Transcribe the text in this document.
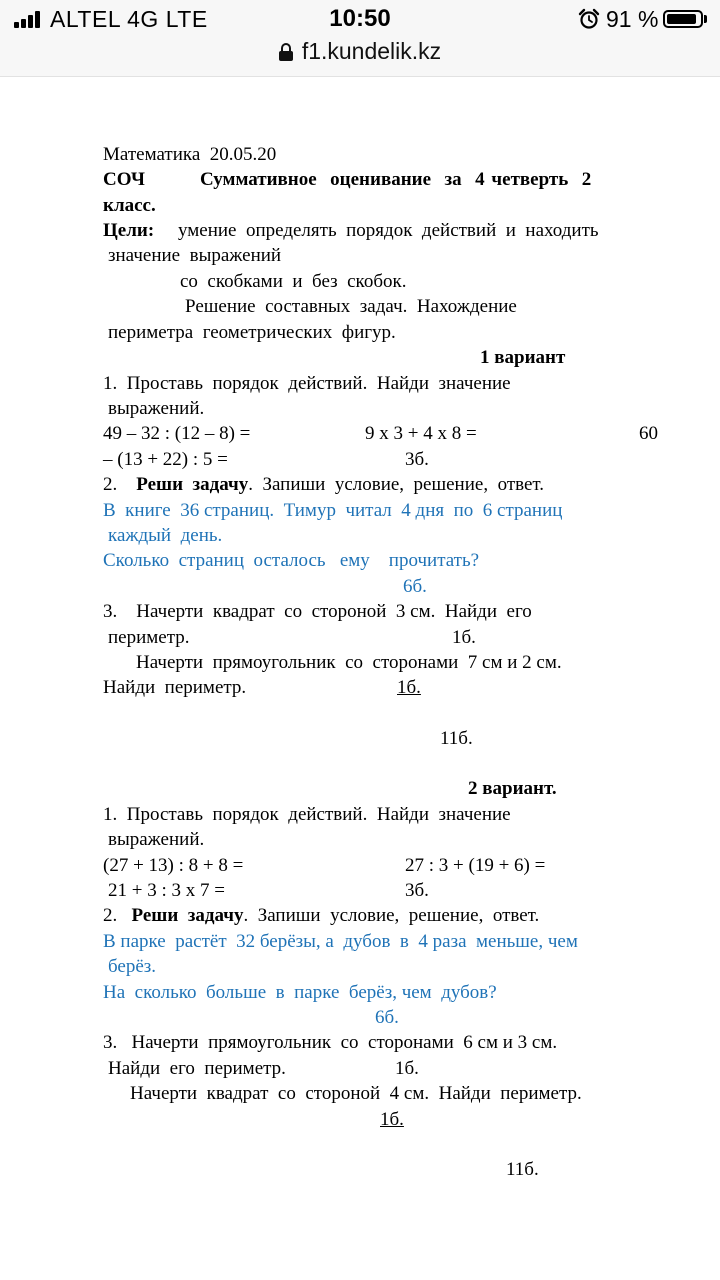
ALTEL 4G LTE	10:50	91 %
f1.kundelik.kz
Математика  20.05.20
СОЧ	Суммативное  оценивание  за  4 четверть  2
класс.
Цели: умение  определять  порядок  действий  и  находить
значение  выражений
со  скобками  и  без  скобок.
Решение  составных  задач.  Нахождение
периметра  геометрических  фигур.
1 вариант
1.  Проставь  порядок  действий.  Найди  значение
выражений.
49 – 32 : (12 – 8) =	9 x 3 + 4 x 8 =	60
– (13 + 22) : 5 =	3б.
2. Реши  задачу.  Запиши  условие,  решение,  ответ.
В  книге  36 страниц.  Тимур  читал  4 дня  по  6 страниц
каждый  день.
Сколько  страниц  осталось   ему    прочитать?
6б.
3.    Начерти  квадрат  со  стороной  3 см.  Найди  его
периметр.	1б.
Начерти  прямоугольник  со  сторонами  7 см и 2 см.
Найди  периметр.	1б.
11б.
2 вариант.
1.  Проставь  порядок  действий.  Найди  значение
выражений.
(27 + 13) : 8 + 8 =	27 : 3 + (19 + 6) =
21 + 3 : 3 x 7 =	3б.
2. Реши  задачу.  Запиши  условие,  решение,  ответ.
В парке  растёт  32 берёзы, а  дубов  в  4 раза  меньше, чем
берёз.
На  сколько  больше  в  парке  берёз, чем  дубов?
6б.
3.   Начерти  прямоугольник  со  сторонами  6 см и 3 см.
Найди  его  периметр.	1б.
Начерти  квадрат  со  стороной  4 см.  Найди  периметр.
1б.
11б.
